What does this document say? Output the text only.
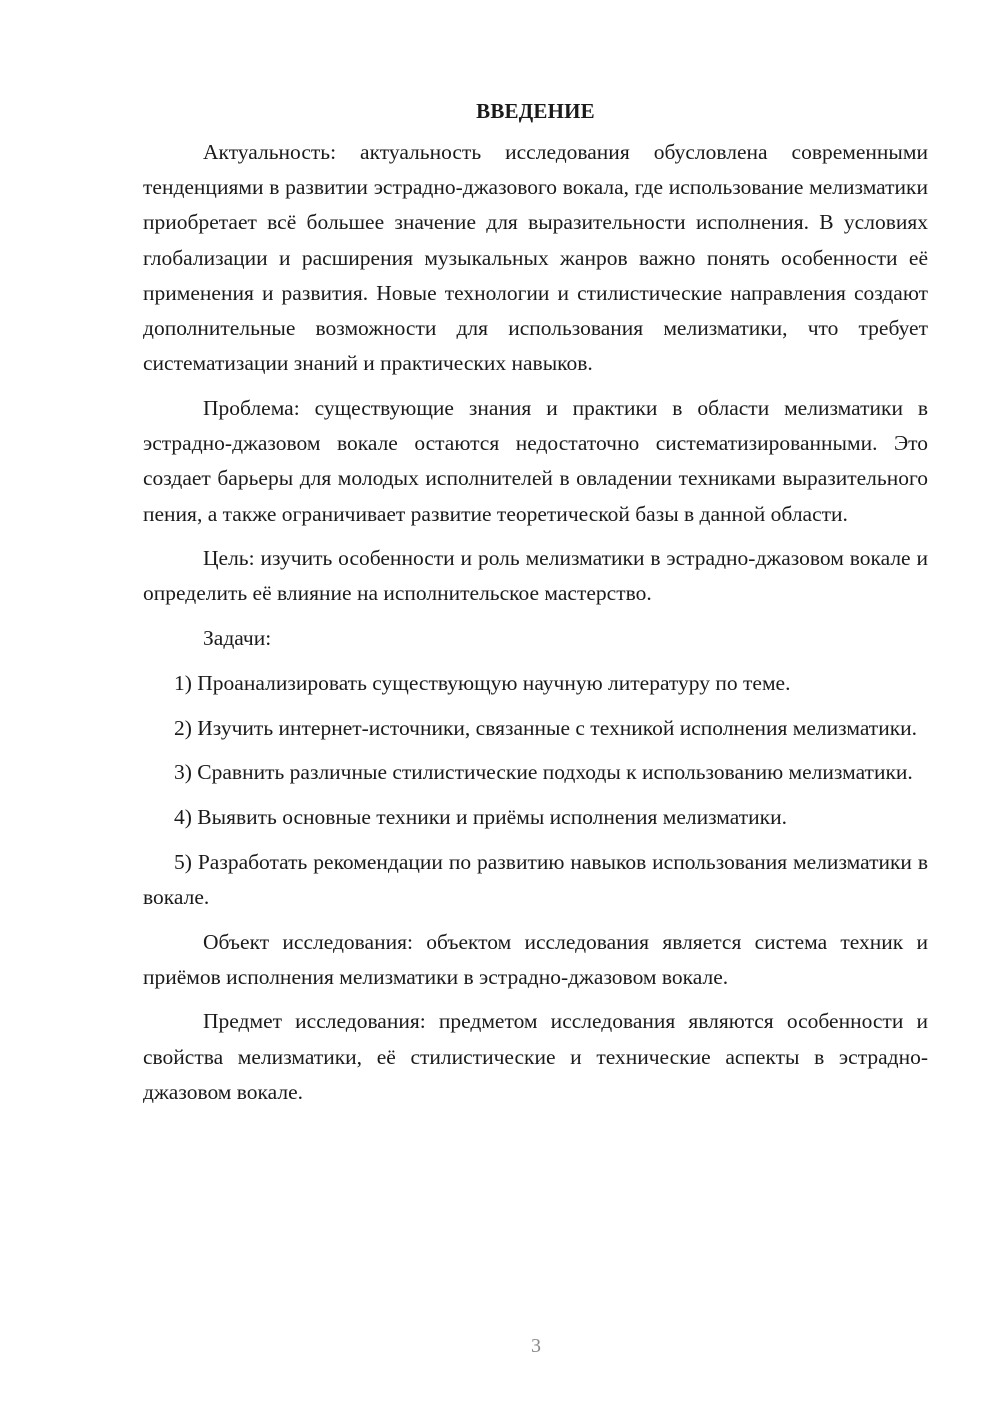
ВВЕДЕНИЕ

Актуальность: актуальность исследования обусловлена современными тенденциями в развитии эстрадно-джазового вокала, где использование мелизматики приобретает всё большее значение для выразительности исполнения. В условиях глобализации и расширения музыкальных жанров важно понять особенности её применения и развития. Новые технологии и стилистические направления создают дополнительные возможности для использования мелизматики, что требует систематизации знаний и практических навыков.

Проблема: существующие знания и практики в области мелизматики в эстрадно-джазовом вокале остаются недостаточно систематизированными. Это создает барьеры для молодых исполнителей в овладении техниками выразительного пения, а также ограничивает развитие теоретической базы в данной области.

Цель: изучить особенности и роль мелизматики в эстрадно-джазовом вокале и определить её влияние на исполнительское мастерство.

Задачи:

1) Проанализировать существующую научную литературу по теме.

2) Изучить интернет-источники, связанные с техникой исполнения мелизматики.

3) Сравнить различные стилистические подходы к использованию мелизматики.

4) Выявить основные техники и приёмы исполнения мелизматики.

5) Разработать рекомендации по развитию навыков использования мелизматики в вокале.

Объект исследования: объектом исследования является система техник и приёмов исполнения мелизматики в эстрадно-джазовом вокале.

Предмет исследования: предметом исследования являются особенности и свойства мелизматики, её стилистические и технические аспекты в эстрадно-джазовом вокале.

3
